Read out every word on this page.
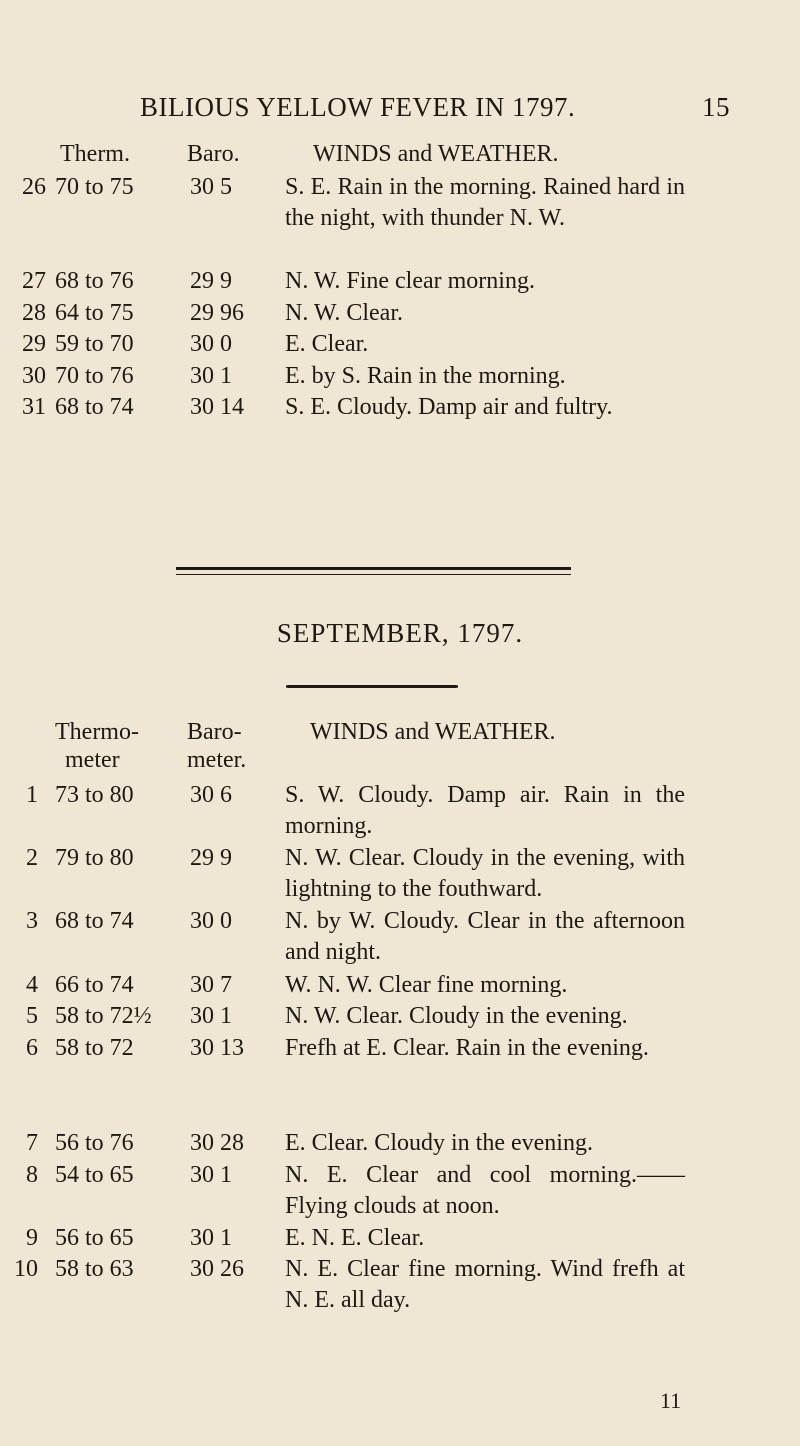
BILIOUS YELLOW FEVER IN 1797.	15
Therm. Baro.	WINDS and WEATHER.
26 70 to 75 30 5 S. E. Rain in the morning. Rained hard in the night, with thunder N. W.
27 68 to 76 29 9 N. W. Fine clear morning.
28 64 to 75 29 96 N. W. Clear.
29 59 to 70 30 0 E. Clear.
30 70 to 76 30 1 E. by S. Rain in the morning.
31 68 to 74 30 14 S. E. Cloudy. Damp air and fultry.
SEPTEMBER, 1797.
Thermo-
meter
Baro-
meter.
WINDS and WEATHER.
1 73 to 80 30 6 S. W. Cloudy. Damp air. Rain in the morning.
2 79 to 80 29 9 N. W. Clear. Cloudy in the evening, with lightning to the fouthward.
3 68 to 74 30 0 N. by W. Cloudy. Clear in the afternoon and night.
4 66 to 74 30 7 W. N. W. Clear fine morning.
5 58 to 72½ 30 1 N. W. Clear. Cloudy in the evening.
6 58 to 72 30 13 Frefh at E. Clear. Rain in the evening.
7 56 to 76 30 28 E. Clear. Cloudy in the evening.
8 54 to 65 30 1 N. E. Clear and cool morning.—— Flying clouds at noon.
9 56 to 65 30 1 E. N. E. Clear.
10 58 to 63 30 26 N. E. Clear fine morning. Wind frefh at N. E. all day.
11
